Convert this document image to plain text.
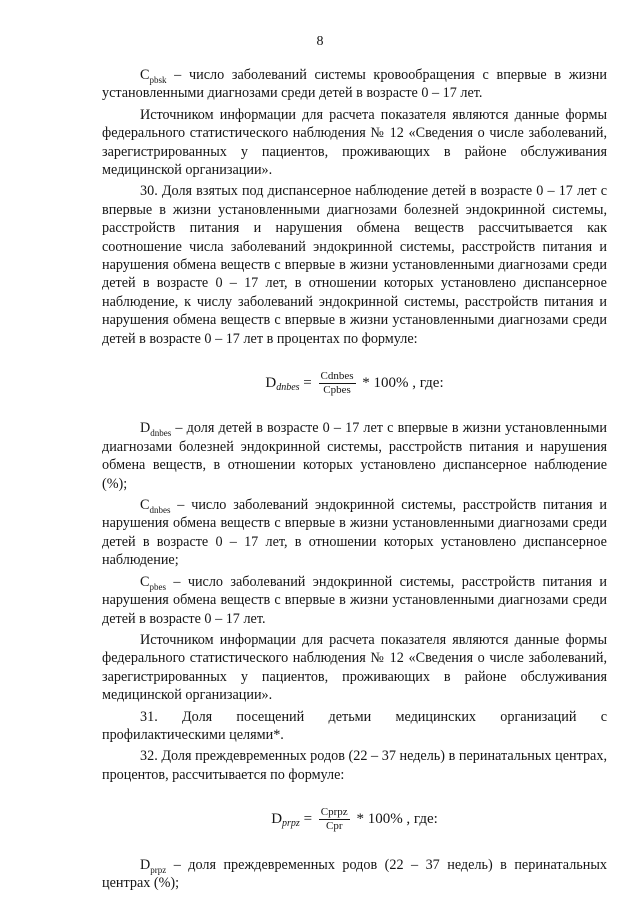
8

$C_{pbsk}$ – число заболеваний системы кровообращения с впервые в жизни установленными диагнозами среди детей в возрасте 0 – 17 лет.

Источником информации для расчета показателя являются данные формы федерального статистического наблюдения № 12 «Сведения о числе заболеваний, зарегистрированных у пациентов, проживающих в районе обслуживания медицинской организации».

30. Доля взятых под диспансерное наблюдение детей в возрасте 0 – 17 лет с впервые в жизни установленными диагнозами болезней эндокринной системы, расстройств питания и нарушения обмена веществ рассчитывается как соотношение числа заболеваний эндокринной системы, расстройств питания и нарушения обмена веществ с впервые в жизни установленными диагнозами среди детей в возрасте 0 – 17 лет, в отношении которых установлено диспансерное наблюдение, к числу заболеваний эндокринной системы, расстройств питания и нарушения обмена веществ с впервые в жизни установленными диагнозами среди детей в возрасте 0 – 17 лет в процентах по формуле:

$D_{dnbes} = \frac{\text{Cdnbes}}{\text{Cpbes}} * 100\%$ , где:

$D_{dnbes}$ – доля детей в возрасте 0 – 17 лет с впервые в жизни установленными диагнозами болезней эндокринной системы, расстройств питания и нарушения обмена веществ, в отношении которых установлено диспансерное наблюдение (%);

$C_{dnbes}$ – число заболеваний эндокринной системы, расстройств питания и нарушения обмена веществ с впервые в жизни установленными диагнозами среди детей в возрасте 0 – 17 лет, в отношении которых установлено диспансерное наблюдение;

$C_{pbes}$ – число заболеваний эндокринной системы, расстройств питания и нарушения обмена веществ с впервые в жизни установленными диагнозами среди детей в возрасте 0 – 17 лет.

Источником информации для расчета показателя являются данные формы федерального статистического наблюдения № 12 «Сведения о числе заболеваний, зарегистрированных у пациентов, проживающих в районе обслуживания медицинской организации».

31. Доля посещений детьми медицинских организаций с профилактическими целями*.

32. Доля преждевременных родов (22 – 37 недель) в перинатальных центрах, процентов, рассчитывается по формуле:

$D_{prpz} = \frac{\text{Cprpz}}{\text{Cpr}} * 100\%$ , где:

$D_{prpz}$ – доля преждевременных родов (22 – 37 недель) в перинатальных центрах (%);
